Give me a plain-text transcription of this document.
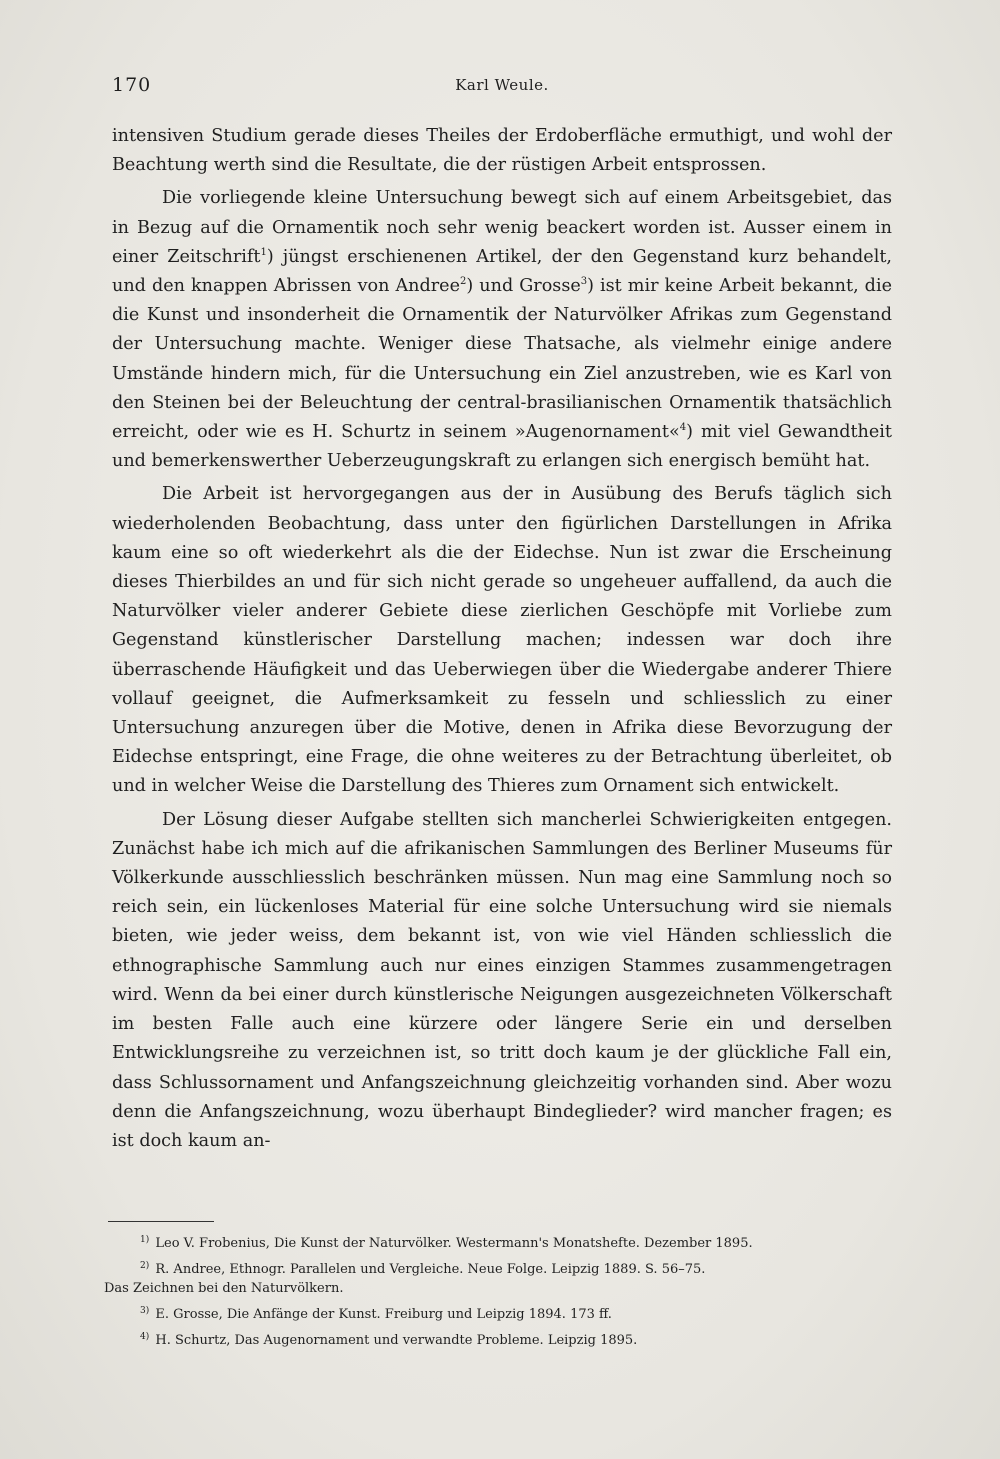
170	Karl Weule.

intensiven Studium gerade dieses Theiles der Erdoberfläche ermuthigt, und wohl der Beachtung werth sind die Resultate, die der rüstigen Arbeit entsprossen.

Die vorliegende kleine Untersuchung bewegt sich auf einem Arbeitsgebiet, das in Bezug auf die Ornamentik noch sehr wenig beackert worden ist. Ausser einem in einer Zeitschrift$^1$) jüngst erschienenen Artikel, der den Gegenstand kurz behandelt, und den knappen Abrissen von Andree$^2$) und Grosse$^3$) ist mir keine Arbeit bekannt, die die Kunst und insonderheit die Ornamentik der Naturvölker Afrikas zum Gegenstand der Untersuchung machte. Weniger diese Thatsache, als vielmehr einige andere Umstände hindern mich, für die Untersuchung ein Ziel anzustreben, wie es Karl von den Steinen bei der Beleuchtung der central-brasilianischen Ornamentik thatsächlich erreicht, oder wie es H. Schurtz in seinem »Augenornament«$^4$) mit viel Gewandtheit und bemerkenswerther Ueberzeugungskraft zu erlangen sich energisch bemüht hat.

Die Arbeit ist hervorgegangen aus der in Ausübung des Berufs täglich sich wiederholenden Beobachtung, dass unter den figürlichen Darstellungen in Afrika kaum eine so oft wiederkehrt als die der Eidechse. Nun ist zwar die Erscheinung dieses Thierbildes an und für sich nicht gerade so ungeheuer auffallend, da auch die Naturvölker vieler anderer Gebiete diese zierlichen Geschöpfe mit Vorliebe zum Gegenstand künstlerischer Darstellung machen; indessen war doch ihre überraschende Häufigkeit und das Ueberwiegen über die Wiedergabe anderer Thiere vollauf geeignet, die Aufmerksamkeit zu fesseln und schliesslich zu einer Untersuchung anzuregen über die Motive, denen in Afrika diese Bevorzugung der Eidechse entspringt, eine Frage, die ohne weiteres zu der Betrachtung überleitet, ob und in welcher Weise die Darstellung des Thieres zum Ornament sich entwickelt.

Der Lösung dieser Aufgabe stellten sich mancherlei Schwierigkeiten entgegen. Zunächst habe ich mich auf die afrikanischen Sammlungen des Berliner Museums für Völkerkunde ausschliesslich beschränken müssen. Nun mag eine Sammlung noch so reich sein, ein lückenloses Material für eine solche Untersuchung wird sie niemals bieten, wie jeder weiss, dem bekannt ist, von wie viel Händen schliesslich die ethnographische Sammlung auch nur eines einzigen Stammes zusammengetragen wird. Wenn da bei einer durch künstlerische Neigungen ausgezeichneten Völkerschaft im besten Falle auch eine kürzere oder längere Serie ein und derselben Entwicklungsreihe zu verzeichnen ist, so tritt doch kaum je der glückliche Fall ein, dass Schlussornament und Anfangszeichnung gleichzeitig vorhanden sind. Aber wozu denn die Anfangszeichnung, wozu überhaupt Bindeglieder? wird mancher fragen; es ist doch kaum an-

$^{1)}$ Leo V. Frobenius, Die Kunst der Naturvölker. Westermann's Monatshefte. Dezember 1895.
$^{2)}$ R. Andree, Ethnogr. Parallelen und Vergleiche. Neue Folge. Leipzig 1889. S. 56–75.
Das Zeichnen bei den Naturvölkern.
$^{3)}$ E. Grosse, Die Anfänge der Kunst. Freiburg und Leipzig 1894. 173 ff.
$^{4)}$ H. Schurtz, Das Augenornament und verwandte Probleme. Leipzig 1895.
